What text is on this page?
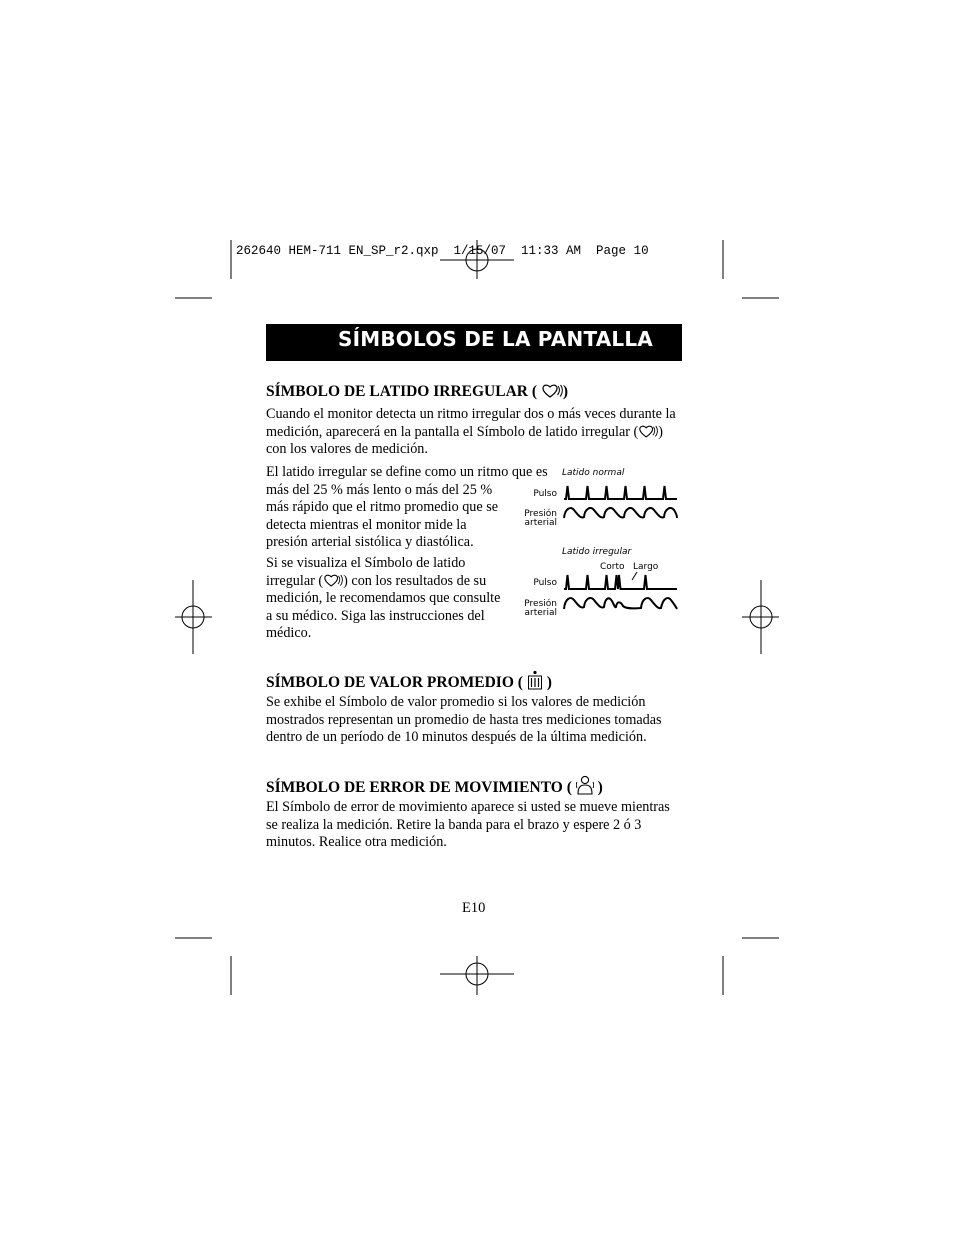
262640 HEM-711 EN_SP_r2.qxp  1/15/07  11:33 AM  Page 10
SÍMBOLOS DE LA PANTALLA
SÍMBOLO DE LATIDO IRREGULAR ( )

Cuando el monitor detecta un ritmo irregular dos o más veces durante la
medición, aparecerá en la pantalla el Símbolo de latido irregular ( )
con los valores de medición.

El latido irregular se define como un ritmo que es
más del 25 % más lento o más del 25 %
más rápido que el ritmo promedio que se
detecta mientras el monitor mide la
presión arterial sistólica y diastólica.

Si se visualiza el Símbolo de latido
irregular ( ) con los resultados de su
medición, le recomendamos que consulte
a su médico. Siga las instrucciones del
médico.

Latido normal
Pulso
Presión
arterial
Latido irregular
Corto Largo
Pulso
Presión
arterial
SÍMBOLO DE VALOR PROMEDIO ( )

Se exhibe el Símbolo de valor promedio si los valores de medición
mostrados representan un promedio de hasta tres mediciones tomadas
dentro de un período de 10 minutos después de la última medición.

SÍMBOLO DE ERROR DE MOVIMIENTO ( )

El Símbolo de error de movimiento aparece si usted se mueve mientras
se realiza la medición. Retire la banda para el brazo y espere 2 ó 3
minutos. Realice otra medición.

E10
